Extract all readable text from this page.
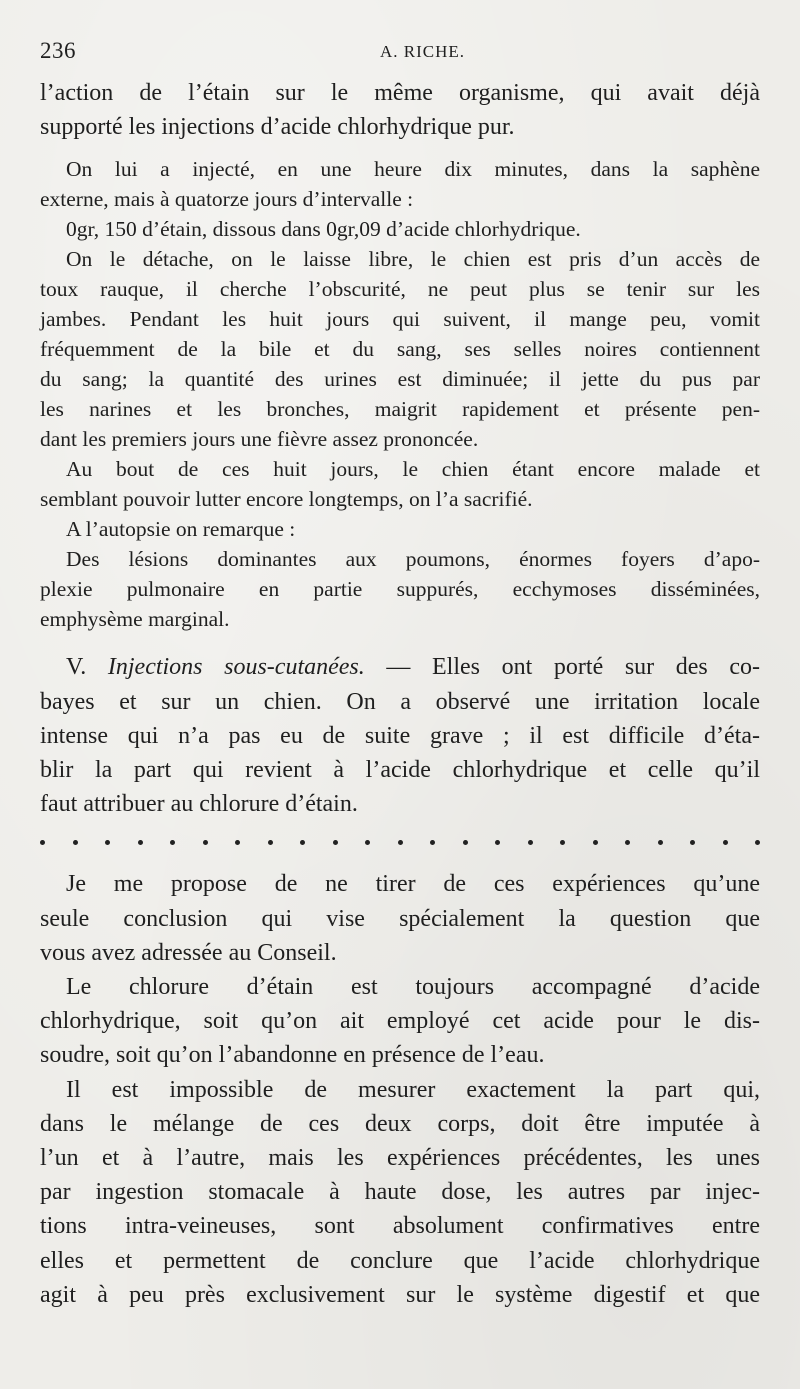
236	A. RICHE.

l’action de l’étain sur le même organisme, qui avait déjà

supporté les injections d’acide chlorhydrique pur.

On lui a injecté, en une heure dix minutes, dans la saphène

externe, mais à quatorze jours d’intervalle :

0gr, 150 d’étain, dissous dans 0gr,09 d’acide chlorhydrique.

On le détache, on le laisse libre, le chien est pris d’un accès de

toux rauque, il cherche l’obscurité, ne peut plus se tenir sur les

jambes. Pendant les huit jours qui suivent, il mange peu, vomit

fréquemment de la bile et du sang, ses selles noires contiennent

du sang; la quantité des urines est diminuée; il jette du pus par

les narines et les bronches, maigrit rapidement et présente pen-

dant les premiers jours une fièvre assez prononcée.

Au bout de ces huit jours, le chien étant encore malade et

semblant pouvoir lutter encore longtemps, on l’a sacrifié.

A l’autopsie on remarque :

Des lésions dominantes aux poumons, énormes foyers d’apo-

plexie pulmonaire en partie suppurés, ecchymoses disséminées,

emphysème marginal.

V. Injections sous-cutanées. — Elles ont porté sur des co-

bayes et sur un chien. On a observé une irritation locale

intense qui n’a pas eu de suite grave ; il est difficile d’éta-

blir la part qui revient à l’acide chlorhydrique et celle qu’il

faut attribuer au chlorure d’étain.

Je me propose de ne tirer de ces expériences qu’une

seule conclusion qui vise spécialement la question que

vous avez adressée au Conseil.

Le chlorure d’étain est toujours accompagné d’acide

chlorhydrique, soit qu’on ait employé cet acide pour le dis-

soudre, soit qu’on l’abandonne en présence de l’eau.

Il est impossible de mesurer exactement la part qui,

dans le mélange de ces deux corps, doit être imputée à

l’un et à l’autre, mais les expériences précédentes, les unes

par ingestion stomacale à haute dose, les autres par injec-

tions intra-veineuses, sont absolument confirmatives entre

elles et permettent de conclure que l’acide chlorhydrique

agit à peu près exclusivement sur le système digestif et que
